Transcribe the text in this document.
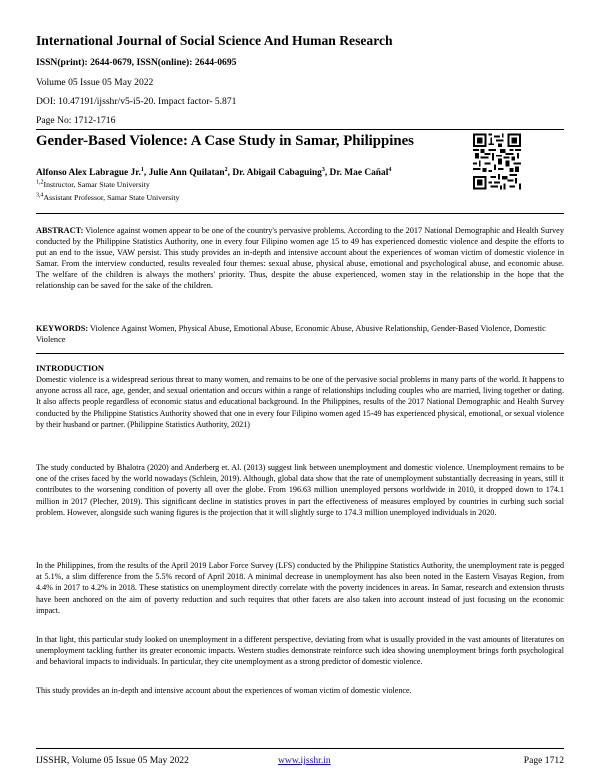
International Journal of Social Science And Human Research
ISSN(print): 2644-0679, ISSN(online): 2644-0695
Volume 05 Issue 05 May 2022
DOI: 10.47191/ijsshr/v5-i5-20. Impact factor- 5.871
Page No: 1712-1716
Gender-Based Violence: A Case Study in Samar, Philippines
Alfonso Alex Labrague Jr.$^1$, Julie Ann Quilatan$^2$, Dr. Abigail Cabaguing$^3$, Dr. Mae Cañal$^4$
$^{1,2}$Instructor, Samar State University
$^{3,4}$Assistant Professor, Samar State University
ABSTRACT: Violence against women appear to be one of the country's pervasive problems. According to the 2017 National Demographic and Health Survey conducted by the Philippine Statistics Authority, one in every four Filipino women age 15 to 49 has experienced domestic violence and despite the efforts to put an end to the issue, VAW persist. This study provides an in-depth and intensive account about the experiences of woman victim of domestic violence in Samar. From the interview conducted, results revealed four themes: sexual abuse, physical abuse, emotional and psychological abuse, and economic abuse. The welfare of the children is always the mothers' priority. Thus, despite the abuse experienced, women stay in the relationship in the hope that the relationship can be saved for the sake of the children.
KEYWORDS: Violence Against Women, Physical Abuse, Emotional Abuse, Economic Abuse, Abusive Relationship, Gender-Based Violence, Domestic Violence
INTRODUCTION
Domestic violence is a widespread serious threat to many women, and remains to be one of the pervasive social problems in many parts of the world. It happens to anyone across all race, age, gender, and sexual orientation and occurs within a range of relationships including couples who are married, living together or dating. It also affects people regardless of economic status and educational background. In the Philippines, results of the 2017 National Demographic and Health Survey conducted by the Philippine Statistics Authority showed that one in every four Filipino women aged 15-49 has experienced physical, emotional, or sexual violence by their husband or partner. (Philippine Statistics Authority, 2021)
The study conducted by Bhalotra (2020) and Anderberg et. Al. (2013) suggest link between unemployment and domestic violence. Unemployment remains to be one of the crises faced by the world nowadays (Schlein, 2019). Although, global data show that the rate of unemployment substantially decreasing in years, still it contributes to the worsening condition of poverty all over the globe. From 196.63 million unemployed persons worldwide in 2010, it dropped down to 174.1 million in 2017 (Plecher, 2019). This significant decline in statistics proves in part the effectiveness of measures employed by countries in curbing such social problem. However, alongside such waning figures is the projection that it will slightly surge to 174.3 million unemployed individuals in 2020.
In the Philippines, from the results of the April 2019 Labor Force Survey (LFS) conducted by the Philippine Statistics Authority, the unemployment rate is pegged at 5.1%, a slim difference from the 5.5% record of April 2018. A minimal decrease in unemployment has also been noted in the Eastern Visayas Region, from 4.4% in 2017 to 4.2% in 2018. These statistics on unemployment directly correlate with the poverty incidences in areas. In Samar, research and extension thrusts have been anchored on the aim of poverty reduction and such requires that other facets are also taken into account instead of just focusing on the economic impact.
In that light, this particular study looked on unemployment in a different perspective, deviating from what is usually provided in the vast amounts of literatures on unemployment tackling further its greater economic impacts. Western studies demonstrate reinforce such idea showing unemployment brings forth psychological and behavioral impacts to individuals. In particular, they cite unemployment as a strong predictor of domestic violence.
This study provides an in-depth and intensive account about the experiences of woman victim of domestic violence.
IJSSHR, Volume 05 Issue 05 May 2022	www.ijsshr.in	Page 1712
